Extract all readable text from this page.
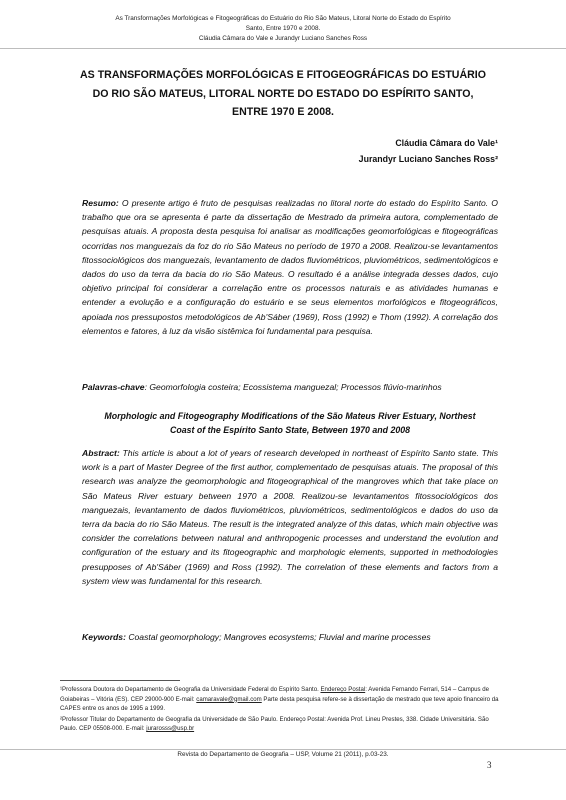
As Transformações Morfológicas e Fitogeográficas do Estuário do Rio São Mateus, Litoral Norte do Estado do Espírito
Santo, Entre 1970 e 2008.
Cláudia Câmara do Vale e Jurandyr Luciano Sanches Ross
AS TRANSFORMAÇÕES MORFOLÓGICAS E FITOGEOGRÁFICAS DO ESTUÁRIO
DO RIO SÃO MATEUS, LITORAL NORTE DO ESTADO DO ESPÍRITO SANTO,
ENTRE 1970 E 2008.
Cláudia Câmara do Vale¹
Jurandyr Luciano Sanches Ross²

Resumo: O presente artigo é fruto de pesquisas realizadas no litoral norte do estado do Espírito Santo. O trabalho que ora se apresenta é parte da dissertação de Mestrado da primeira autora, complementado de pesquisas atuais. A proposta desta pesquisa foi analisar as modificações geomorfológicas e fitogeográficas ocorridas nos manguezais da foz do rio São Mateus no período de 1970 a 2008. Realizou-se levantamentos fitossociológicos dos manguezais, levantamento de dados fluviométricos, pluviométricos, sedimentológicos e dados do uso da terra da bacia do rio São Mateus. O resultado é a análise integrada desses dados, cujo objetivo principal foi considerar a correlação entre os processos naturais e as atividades humanas e entender a evolução e a configuração do estuário e se seus elementos morfológicos e fitogeográficos, apoiada nos pressupostos metodológicos de Ab'Sáber (1969), Ross (1992) e Thom (1992). A correlação dos elementos e fatores, à luz da visão sistêmica foi fundamental para pesquisa.

Palavras-chave: Geomorfologia costeira; Ecossistema manguezal; Processos flúvio-marinhos

Morphologic and Fitogeography Modifications of the São Mateus River Estuary, Northest
Coast of the Espírito Santo State, Between 1970 and 2008

Abstract: This article is about a lot of years of research developed in northeast of Espírito Santo state. This work is a part of Master Degree of the first author, complementado de pesquisas atuais. The proposal of this research was analyze the geomorphologic and fitogeographical of the mangroves which that take place on São Mateus River estuary between 1970 a 2008. Realizou-se levantamentos fitossociológicos dos manguezais, levantamento de dados fluviométricos, pluviométricos, sedimentológicos e dados do uso da terra da bacia do rio São Mateus. The result is the integrated analyze of this datas, which main objective was consider the correlations between natural and anthropogenic processes and understand the evolution and configuration of the estuary and its fitogeographic and morphologic elements, supported in methodologies presupposes of Ab'Sáber (1969) and Ross (1992). The correlation of these elements and factors from a system view was fundamental for this research.

Keywords: Coastal geomorphology; Mangroves ecosystems; Fluvial and marine processes

¹Professora Doutora do Departamento de Geografia da Universidade Federal do Espírito Santo. Endereço Postal: Avenida Fernando Ferrari, 514 – Campus de Goiabeiras – Vitória (ES). CEP 29000-900 E-mail: camaravale@gmail.com Parte desta pesquisa refere-se à dissertação de mestrado que teve apoio financeiro da CAPES entre os anos de 1995 a 1999.

²Professor Titular do Departamento de Geografia da Universidade de São Paulo. Endereço Postal: Avenida Prof. Lineu Prestes, 338. Cidade Universitária. São Paulo. CEP 05508-000. E-mail: jurarosss@usp.br

Revista do Departamento de Geografia – USP, Volume 21 (2011), p.03-23.
3
